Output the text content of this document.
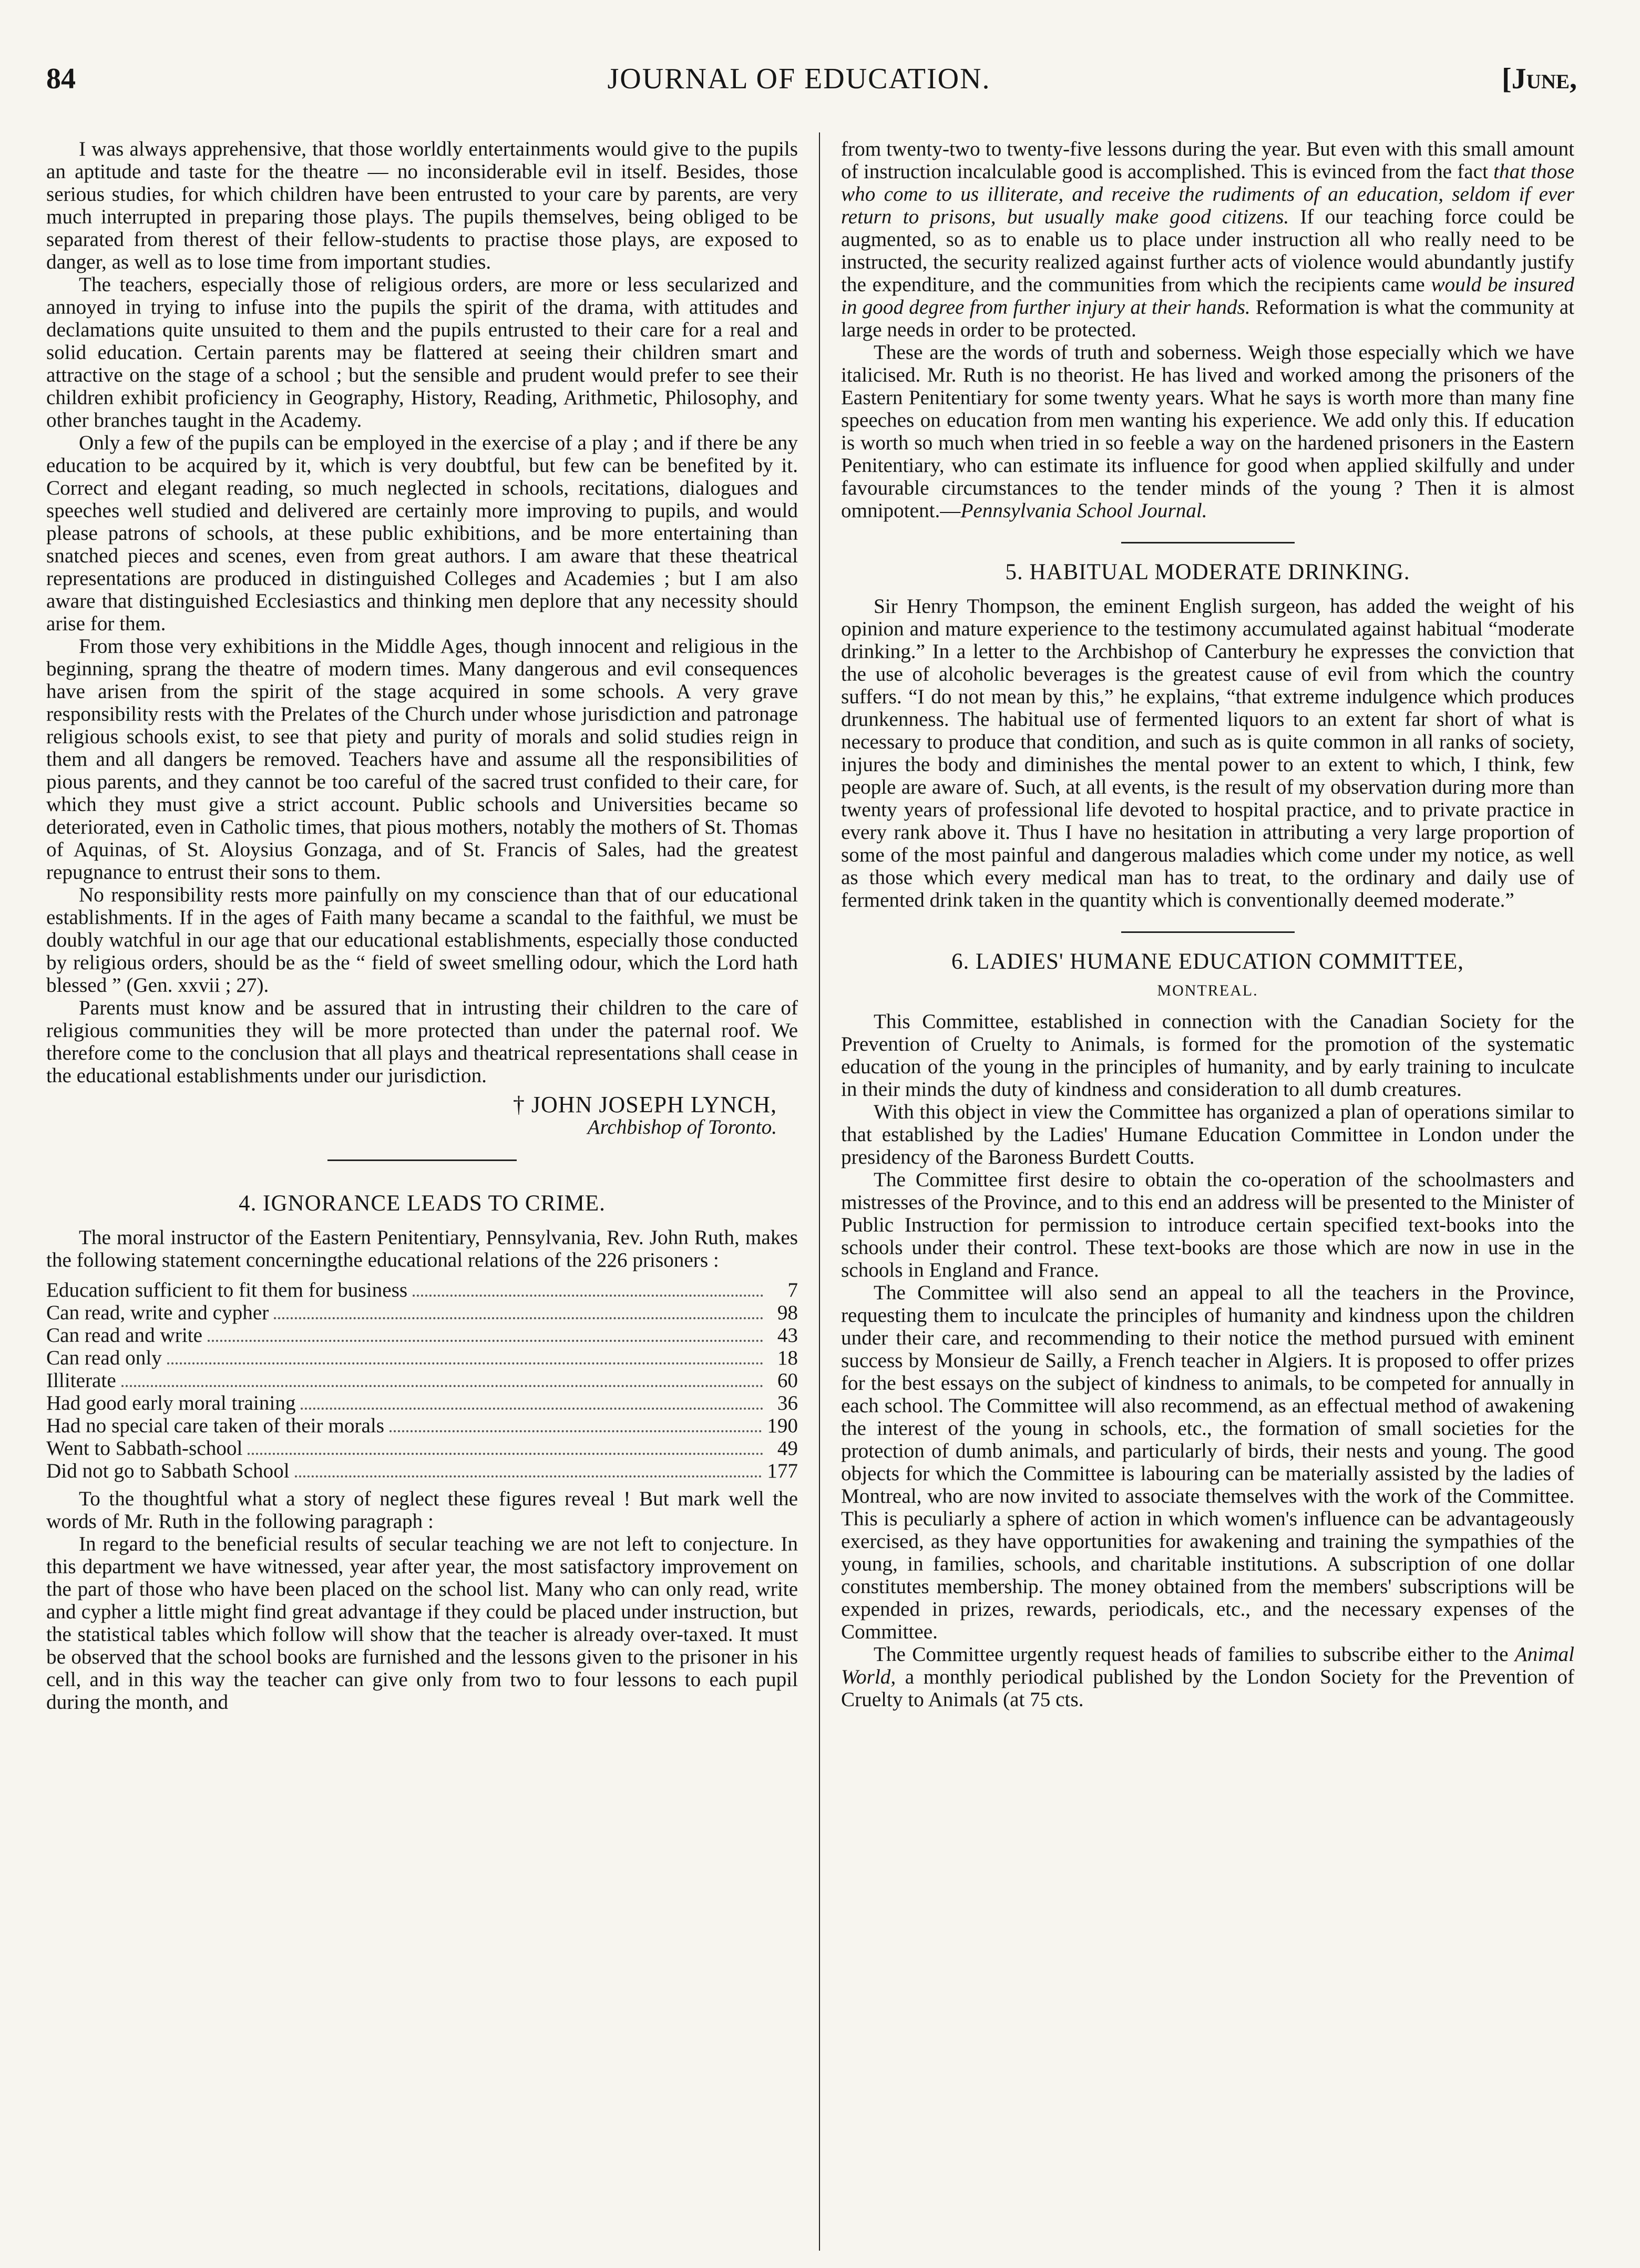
JOURNAL OF EDUCATION.
84	[June,

I was always apprehensive, that those worldly entertainments would give to the pupils an aptitude and taste for the theatre — no inconsiderable evil in itself. Besides, those serious studies, for which children have been entrusted to your care by parents, are very much interrupted in preparing those plays. The pupils themselves, being obliged to be separated from therest of their fellow-students to practise those plays, are exposed to danger, as well as to lose time from important studies.

The teachers, especially those of religious orders, are more or less secularized and annoyed in trying to infuse into the pupils the spirit of the drama, with attitudes and declamations quite unsuited to them and the pupils entrusted to their care for a real and solid education. Certain parents may be flattered at seeing their children smart and attractive on the stage of a school ; but the sensible and prudent would prefer to see their children exhibit proficiency in Geography, History, Reading, Arithmetic, Philosophy, and other branches taught in the Academy.

Only a few of the pupils can be employed in the exercise of a play ; and if there be any education to be acquired by it, which is very doubtful, but few can be benefited by it. Correct and elegant reading, so much neglected in schools, recitations, dialogues and speeches well studied and delivered are certainly more improving to pupils, and would please patrons of schools, at these public exhibitions, and be more entertaining than snatched pieces and scenes, even from great authors. I am aware that these theatrical representations are produced in distinguished Colleges and Academies ; but I am also aware that distinguished Ecclesiastics and thinking men deplore that any necessity should arise for them.

From those very exhibitions in the Middle Ages, though innocent and religious in the beginning, sprang the theatre of modern times. Many dangerous and evil consequences have arisen from the spirit of the stage acquired in some schools. A very grave responsibility rests with the Prelates of the Church under whose jurisdiction and patronage religious schools exist, to see that piety and purity of morals and solid studies reign in them and all dangers be removed. Teachers have and assume all the responsibilities of pious parents, and they cannot be too careful of the sacred trust confided to their care, for which they must give a strict account. Public schools and Universities became so deteriorated, even in Catholic times, that pious mothers, notably the mothers of St. Thomas of Aquinas, of St. Aloysius Gonzaga, and of St. Francis of Sales, had the greatest repugnance to entrust their sons to them.

No responsibility rests more painfully on my conscience than that of our educational establishments. If in the ages of Faith many became a scandal to the faithful, we must be doubly watchful in our age that our educational establishments, especially those conducted by religious orders, should be as the “ field of sweet smelling odour, which the Lord hath blessed ” (Gen. xxvii ; 27).

Parents must know and be assured that in intrusting their children to the care of religious communities they will be more protected than under the paternal roof. We therefore come to the conclusion that all plays and theatrical representations shall cease in the educational establishments under our jurisdiction.

† JOHN JOSEPH LYNCH,
Archbishop of Toronto.
4. IGNORANCE LEADS TO CRIME.

The moral instructor of the Eastern Penitentiary, Pennsylvania, Rev. John Ruth, makes the following statement concerningthe educational relations of the 226 prisoners :

Education sufficient to fit them for business	7
Can read, write and cypher	98
Can read and write	43
Can read only	18
Illiterate	60
Had good early moral training	36
Had no special care taken of their morals	190
Went to Sabbath-school	49
Did not go to Sabbath School	177

To the thoughtful what a story of neglect these figures reveal ! But mark well the words of Mr. Ruth in the following paragraph :

In regard to the beneficial results of secular teaching we are not left to conjecture. In this department we have witnessed, year after year, the most satisfactory improvement on the part of those who have been placed on the school list. Many who can only read, write and cypher a little might find great advantage if they could be placed under instruction, but the statistical tables which follow will show that the teacher is already over-taxed. It must be observed that the school books are furnished and the lessons given to the prisoner in his cell, and in this way the teacher can give only from two to four lessons to each pupil during the month, and

from twenty-two to twenty-five lessons during the year. But even with this small amount of instruction incalculable good is accomplished. This is evinced from the fact that those who come to us illiterate, and receive the rudiments of an education, seldom if ever return to prisons, but usually make good citizens. If our teaching force could be augmented, so as to enable us to place under instruction all who really need to be instructed, the security realized against further acts of violence would abundantly justify the expenditure, and the communities from which the recipients came would be insured in good degree from further injury at their hands. Reformation is what the community at large needs in order to be protected.

These are the words of truth and soberness. Weigh those especially which we have italicised. Mr. Ruth is no theorist. He has lived and worked among the prisoners of the Eastern Penitentiary for some twenty years. What he says is worth more than many fine speeches on education from men wanting his experience. We add only this. If education is worth so much when tried in so feeble a way on the hardened prisoners in the Eastern Penitentiary, who can estimate its influence for good when applied skilfully and under favourable circumstances to the tender minds of the young ? Then it is almost omnipotent.—Pennsylvania School Journal.

5. HABITUAL MODERATE DRINKING.

Sir Henry Thompson, the eminent English surgeon, has added the weight of his opinion and mature experience to the testimony accumulated against habitual “moderate drinking.” In a letter to the Archbishop of Canterbury he expresses the conviction that the use of alcoholic beverages is the greatest cause of evil from which the country suffers. “I do not mean by this,” he explains, “that extreme indulgence which produces drunkenness. The habitual use of fermented liquors to an extent far short of what is necessary to produce that condition, and such as is quite common in all ranks of society, injures the body and diminishes the mental power to an extent to which, I think, few people are aware of. Such, at all events, is the result of my observation during more than twenty years of professional life devoted to hospital practice, and to private practice in every rank above it. Thus I have no hesitation in attributing a very large proportion of some of the most painful and dangerous maladies which come under my notice, as well as those which every medical man has to treat, to the ordinary and daily use of fermented drink taken in the quantity which is conventionally deemed moderate.”

6. LADIES' HUMANE EDUCATION COMMITTEE,
MONTREAL.

This Committee, established in connection with the Canadian Society for the Prevention of Cruelty to Animals, is formed for the promotion of the systematic education of the young in the principles of humanity, and by early training to inculcate in their minds the duty of kindness and consideration to all dumb creatures.

With this object in view the Committee has organized a plan of operations similar to that established by the Ladies' Humane Education Committee in London under the presidency of the Baroness Burdett Coutts.

The Committee first desire to obtain the co-operation of the schoolmasters and mistresses of the Province, and to this end an address will be presented to the Minister of Public Instruction for permission to introduce certain specified text-books into the schools under their control. These text-books are those which are now in use in the schools in England and France.

The Committee will also send an appeal to all the teachers in the Province, requesting them to inculcate the principles of humanity and kindness upon the children under their care, and recommending to their notice the method pursued with eminent success by Monsieur de Sailly, a French teacher in Algiers. It is proposed to offer prizes for the best essays on the subject of kindness to animals, to be competed for annually in each school. The Committee will also recommend, as an effectual method of awakening the interest of the young in schools, etc., the formation of small societies for the protection of dumb animals, and particularly of birds, their nests and young. The good objects for which the Committee is labouring can be materially assisted by the ladies of Montreal, who are now invited to associate themselves with the work of the Committee. This is peculiarly a sphere of action in which women's influence can be advantageously exercised, as they have opportunities for awakening and training the sympathies of the young, in families, schools, and charitable institutions. A subscription of one dollar constitutes membership. The money obtained from the members' subscriptions will be expended in prizes, rewards, periodicals, etc., and the necessary expenses of the Committee.

The Committee urgently request heads of families to subscribe either to the Animal World, a monthly periodical published by the London Society for the Prevention of Cruelty to Animals (at 75 cts.
